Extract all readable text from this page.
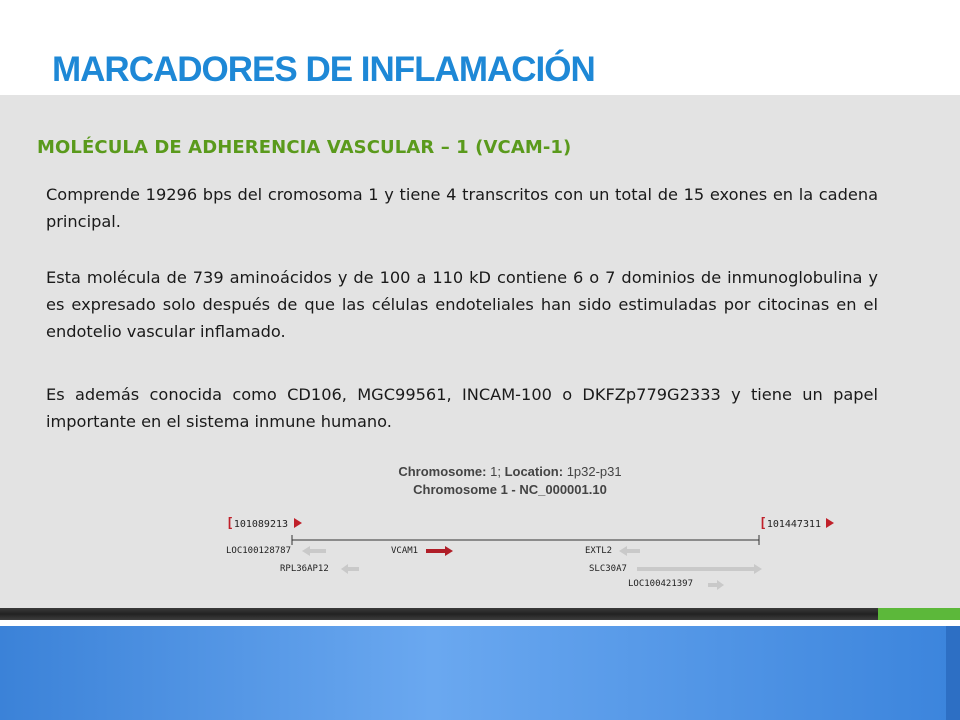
MARCADORES DE INFLAMACIÓN
MOLÉCULA DE ADHERENCIA VASCULAR – 1 (VCAM-1)
Comprende 19296 bps del cromosoma 1 y tiene 4 transcritos con un total de 15 exones en la cadena principal.
Esta molécula de 739 aminoácidos y de 100 a 110 kD contiene 6 o 7 dominios de inmunoglobulina y es expresado solo después de que las células endoteliales han sido estimuladas por citocinas en el endotelio vascular inflamado.
Es además conocida como CD106, MGC99561, INCAM-100 o DKFZp779G2333 y tiene un papel importante en el sistema inmune humano.
Chromosome: 1; Location: 1p32-p31
Chromosome 1 - NC_000001.10
[101089213	[101447311
LOC100128787
RPL36AP12
VCAM1	EXTL2
SLC30A7
LOC100421397
